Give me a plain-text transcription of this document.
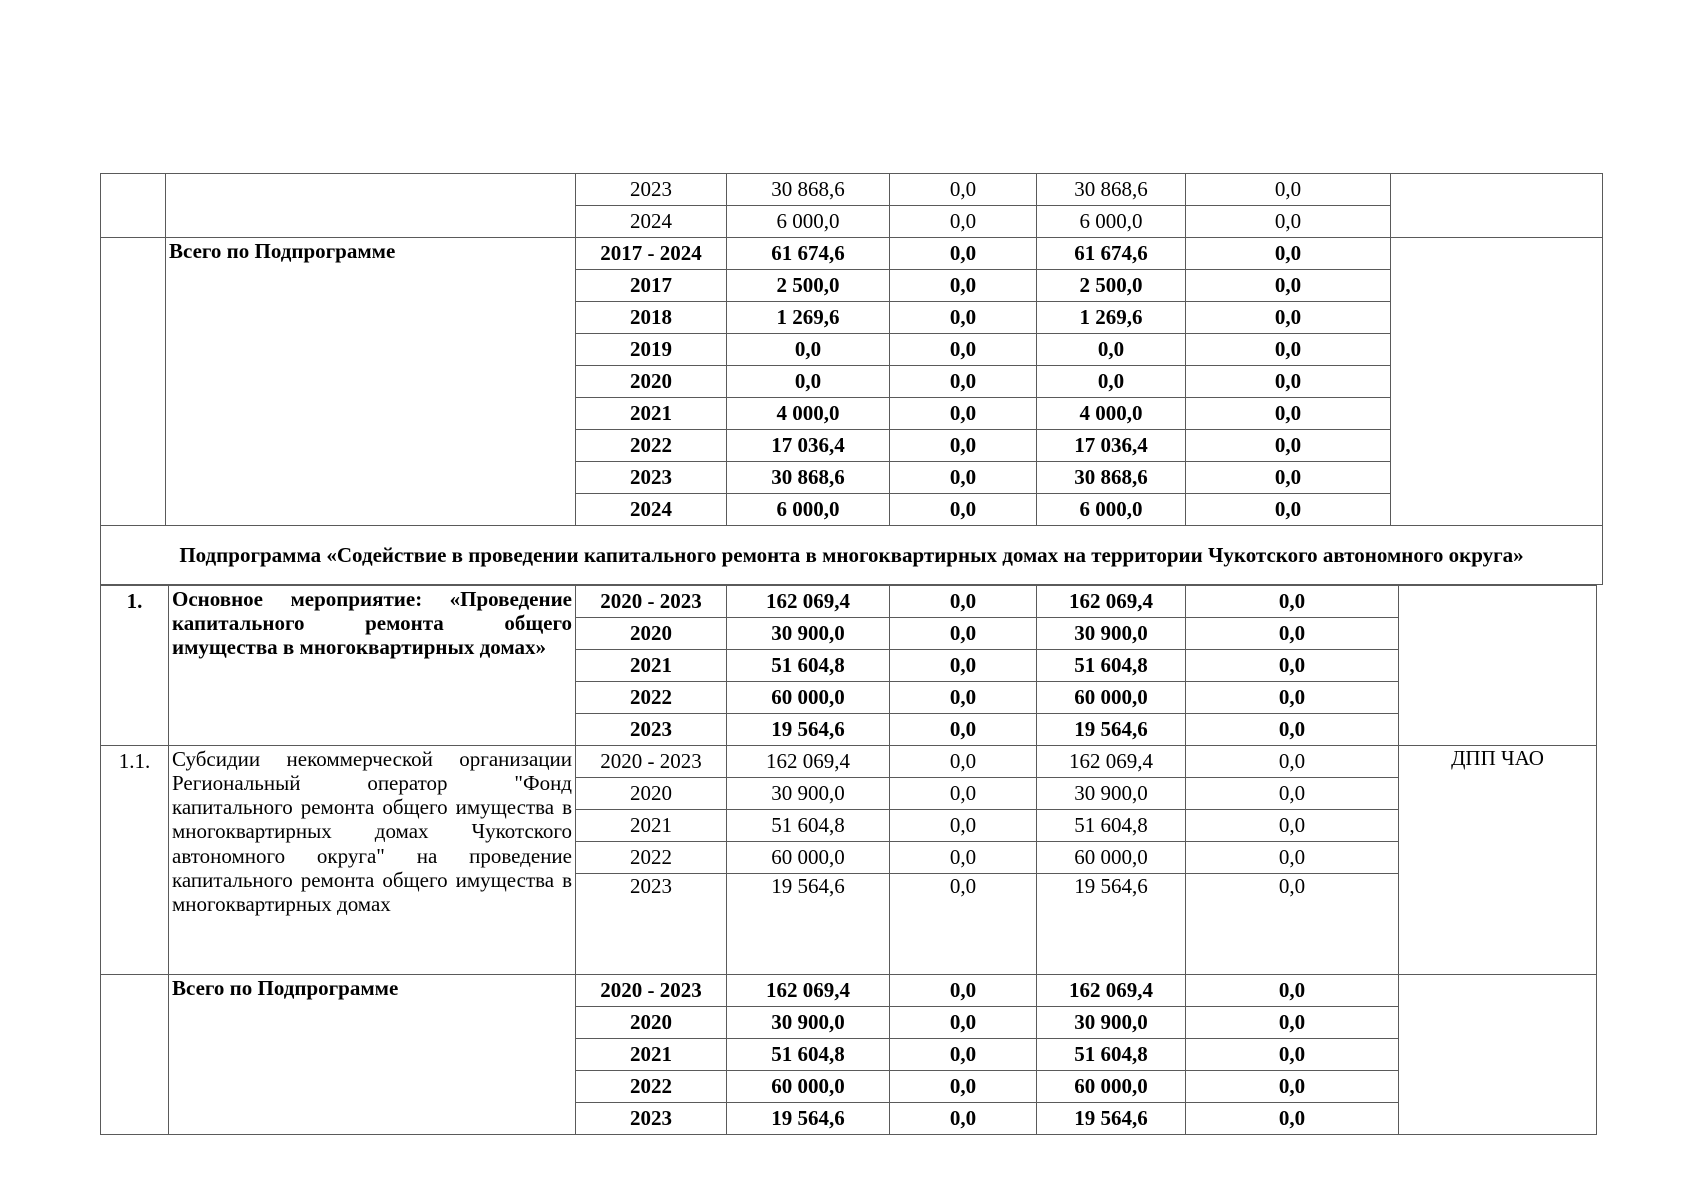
		2023	30 868,6	0,0	30 868,6	0,0	
		2024	6 000,0	0,0	6 000,0	0,0	
	Всего по Подпрограмме	2017 - 2024	61 674,6	0,0	61 674,6	0,0	
		2017	2 500,0	0,0	2 500,0	0,0	
		2018	1 269,6	0,0	1 269,6	0,0	
		2019	0,0	0,0	0,0	0,0	
		2020	0,0	0,0	0,0	0,0	
		2021	4 000,0	0,0	4 000,0	0,0	
		2022	17 036,4	0,0	17 036,4	0,0	
		2023	30 868,6	0,0	30 868,6	0,0	
		2024	6 000,0	0,0	6 000,0	0,0	
Подпрограмма «Содействие в проведении капитального ремонта в многоквартирных домах на территории Чукотского автономного округа»							
1.	Основное мероприятие: «Проведение капитального ремонта общего имущества в многоквартирных домах»	2020 - 2023	162 069,4	0,0	162 069,4	0,0	
		2020	30 900,0	0,0	30 900,0	0,0	
		2021	51 604,8	0,0	51 604,8	0,0	
		2022	60 000,0	0,0	60 000,0	0,0	
		2023	19 564,6	0,0	19 564,6	0,0	
1.1.	Субсидии некоммерческой организации Региональный оператор "Фонд капитального ремонта общего имущества в многоквартирных домах Чукотского автономного округа" на проведение капитального ремонта общего имущества в многоквартирных домах	2020 - 2023	162 069,4	0,0	162 069,4	0,0	ДПП ЧАО
		2020	30 900,0	0,0	30 900,0	0,0	
		2021	51 604,8	0,0	51 604,8	0,0	
		2022	60 000,0	0,0	60 000,0	0,0	
		2023	19 564,6	0,0	19 564,6	0,0	
	Всего по Подпрограмме	2020 - 2023	162 069,4	0,0	162 069,4	0,0	
		2020	30 900,0	0,0	30 900,0	0,0	
		2021	51 604,8	0,0	51 604,8	0,0	
		2022	60 000,0	0,0	60 000,0	0,0	
		2023	19 564,6	0,0	19 564,6	0,0	
